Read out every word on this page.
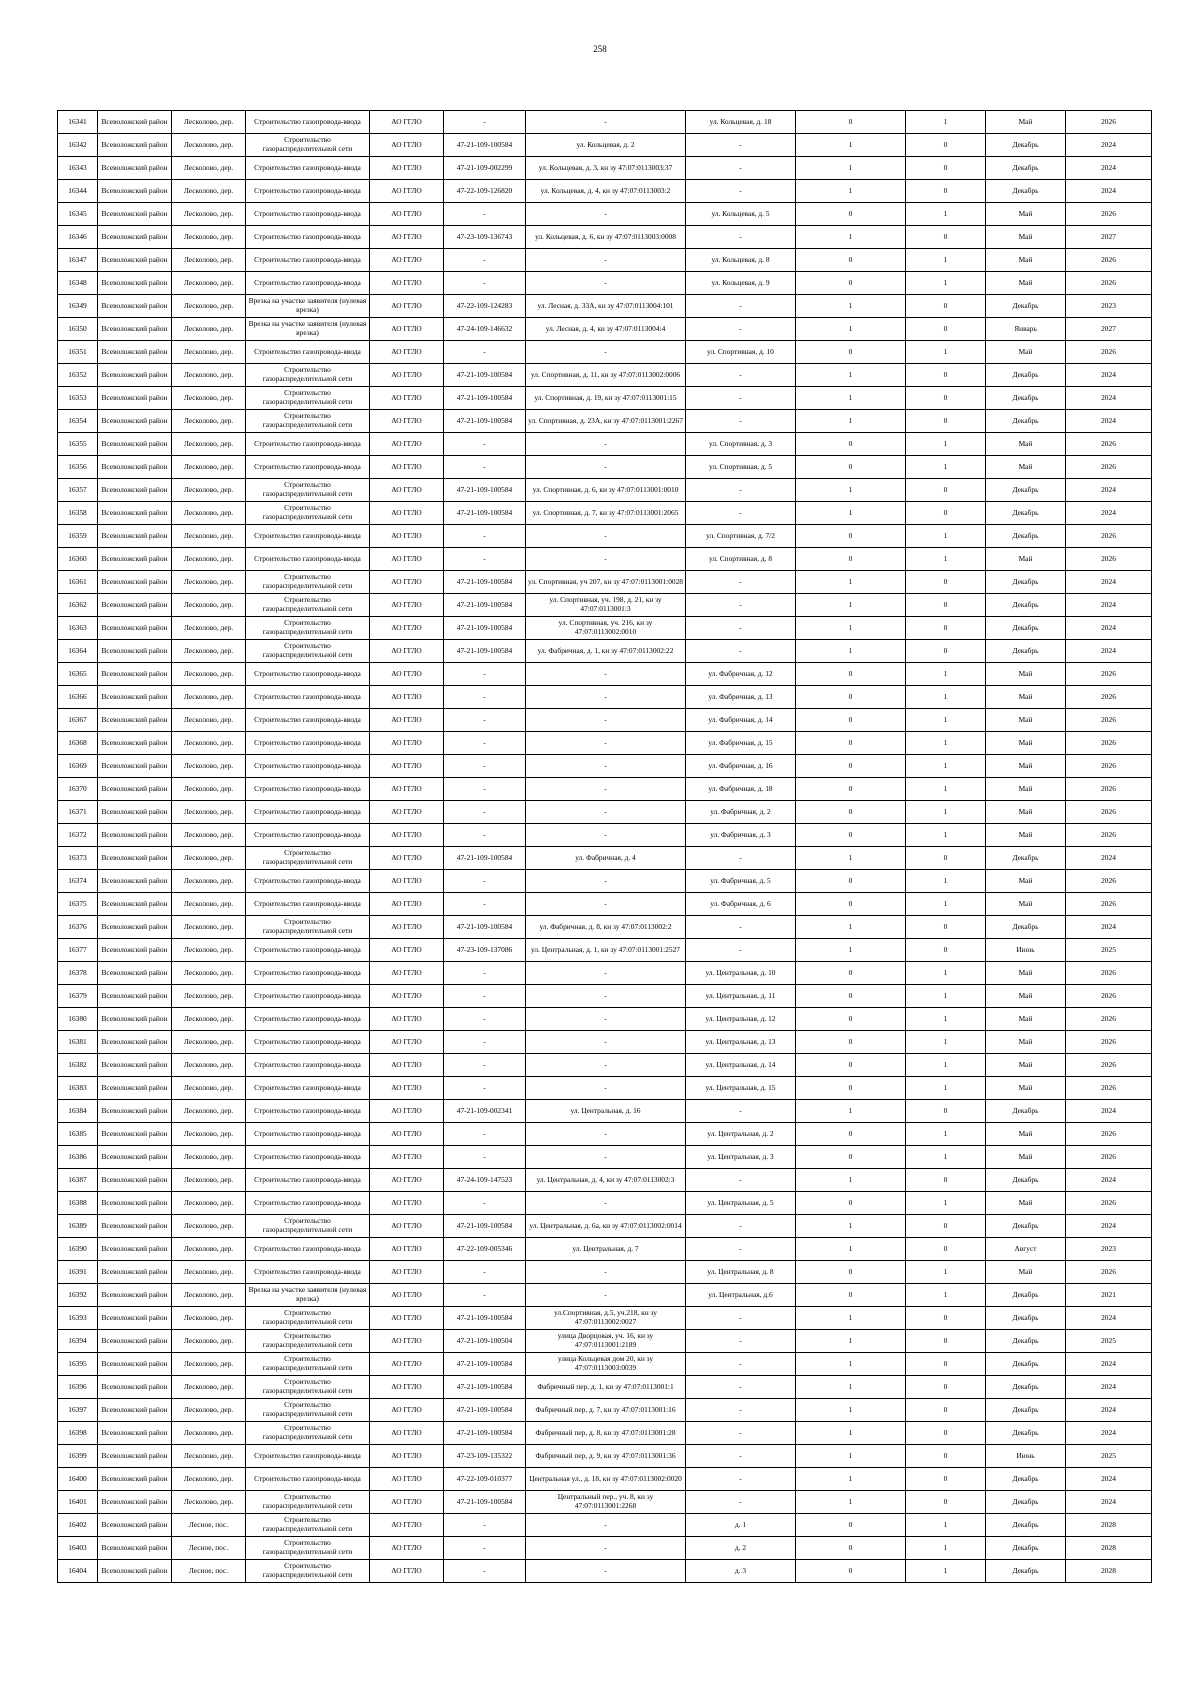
258
16341	Всеволожский район	Лесколово, дер.	Строительство газопровода-ввода	АО ГГЛО	-	-	ул. Кольцевая, д. 18	0	1	Май	2026
16342	Всеволожский район	Лесколово, дер.	Строительство газораспределительной сети	АО ГГЛО	47-21-109-100584	ул. Кольцевая, д. 2	-	1	0	Декабрь	2024
16343	Всеволожский район	Лесколово, дер.	Строительство газопровода-ввода	АО ГГЛО	47-21-109-002299	ул. Кольцевая, д. 3, кн зу 47:07:0113003:37	-	1	0	Декабрь	2024
16344	Всеволожский район	Лесколово, дер.	Строительство газопровода-ввода	АО ГГЛО	47-22-109-126820	ул. Кольцевая, д. 4, кн зу 47:07:0113003:2	-	1	0	Декабрь	2024
16345	Всеволожский район	Лесколово, дер.	Строительство газопровода-ввода	АО ГГЛО	-	-	ул. Кольцевая, д. 5	0	1	Май	2026
16346	Всеволожский район	Лесколово, дер.	Строительство газопровода-ввода	АО ГГЛО	47-23-109-136743	ул. Кольцевая, д. 6, кн зу 47:07:0113003:0008	-	1	0	Май	2027
16347	Всеволожский район	Лесколово, дер.	Строительство газопровода-ввода	АО ГГЛО	-	-	ул. Кольцевая, д. 8	0	1	Май	2026
16348	Всеволожский район	Лесколово, дер.	Строительство газопровода-ввода	АО ГГЛО	-	-	ул. Кольцевая, д. 9	0	1	Май	2026
16349	Всеволожский район	Лесколово, дер.	Врезка на участке заявителя (нулевая врезка)	АО ГГЛО	47-22-109-124283	ул. Лесная, д. 33А, кн зу 47:07:0113004:101	-	1	0	Декабрь	2023
16350	Всеволожский район	Лесколово, дер.	Врезка на участке заявителя (нулевая врезка)	АО ГГЛО	47-24-109-146632	ул. Лесная, д. 4, кн зу 47:07:0113004:4	-	1	0	Январь	2027
16351	Всеволожский район	Лесколово, дер.	Строительство газопровода-ввода	АО ГГЛО	-	-	ул. Спортивная, д. 10	0	1	Май	2026
16352	Всеволожский район	Лесколово, дер.	Строительство газораспределительной сети	АО ГГЛО	47-21-109-100584	ул. Спортивная, д. 11, кн зу 47:07:0113002:0006	-	1	0	Декабрь	2024
16353	Всеволожский район	Лесколово, дер.	Строительство газораспределительной сети	АО ГГЛО	47-21-109-100584	ул. Спортивная, д. 19, кн зу 47:07:0113001:15	-	1	0	Декабрь	2024
16354	Всеволожский район	Лесколово, дер.	Строительство газораспределительной сети	АО ГГЛО	47-21-109-100584	ул. Спортивная, д. 23А, кн зу 47:07:0113001:2267	-	1	0	Декабрь	2024
16355	Всеволожский район	Лесколово, дер.	Строительство газопровода-ввода	АО ГГЛО	-	-	ул. Спортивная, д. 3	0	1	Май	2026
16356	Всеволожский район	Лесколово, дер.	Строительство газопровода-ввода	АО ГГЛО	-	-	ул. Спортивная, д. 5	0	1	Май	2026
16357	Всеволожский район	Лесколово, дер.	Строительство газораспределительной сети	АО ГГЛО	47-21-109-100584	ул. Спортивная, д. 6, кн зу 47:07:0113001:0010	-	1	0	Декабрь	2024
16358	Всеволожский район	Лесколово, дер.	Строительство газораспределительной сети	АО ГГЛО	47-21-109-100584	ул. Спортивная, д. 7, кн зу 47:07:0113001:2065	-	1	0	Декабрь	2024
16359	Всеволожский район	Лесколово, дер.	Строительство газопровода-ввода	АО ГГЛО	-	-	ул. Спортивная, д. 7/2	0	1	Декабрь	2026
16360	Всеволожский район	Лесколово, дер.	Строительство газопровода-ввода	АО ГГЛО	-	-	ул. Спортивная, д. 8	0	1	Май	2026
16361	Всеволожский район	Лесколово, дер.	Строительство газораспределительной сети	АО ГГЛО	47-21-109-100584	ул. Спортивная, уч 207, кн зу 47:07:0113001:0028	-	1	0	Декабрь	2024
16362	Всеволожский район	Лесколово, дер.	Строительство газораспределительной сети	АО ГГЛО	47-21-109-100584	ул. Спортивная, уч. 198, д. 21, кн зу 47:07:0113001:3	-	1	0	Декабрь	2024
16363	Всеволожский район	Лесколово, дер.	Строительство газораспределительной сети	АО ГГЛО	47-21-109-100584	ул. Спортивная, уч. 216, кн зу 47:07:0113002:0010	-	1	0	Декабрь	2024
16364	Всеволожский район	Лесколово, дер.	Строительство газораспределительной сети	АО ГГЛО	47-21-109-100584	ул. Фабричная, д. 1, кн зу 47:07:0113002:22	-	1	0	Декабрь	2024
16365	Всеволожский район	Лесколово, дер.	Строительство газопровода-ввода	АО ГГЛО	-	-	ул. Фабричная, д. 12	0	1	Май	2026
16366	Всеволожский район	Лесколово, дер.	Строительство газопровода-ввода	АО ГГЛО	-	-	ул. Фабричная, д. 13	0	1	Май	2026
16367	Всеволожский район	Лесколово, дер.	Строительство газопровода-ввода	АО ГГЛО	-	-	ул. Фабричная, д. 14	0	1	Май	2026
16368	Всеволожский район	Лесколово, дер.	Строительство газопровода-ввода	АО ГГЛО	-	-	ул. Фабричная, д. 15	0	1	Май	2026
16369	Всеволожский район	Лесколово, дер.	Строительство газопровода-ввода	АО ГГЛО	-	-	ул. Фабричная, д. 16	0	1	Май	2026
16370	Всеволожский район	Лесколово, дер.	Строительство газопровода-ввода	АО ГГЛО	-	-	ул. Фабричная, д. 18	0	1	Май	2026
16371	Всеволожский район	Лесколово, дер.	Строительство газопровода-ввода	АО ГГЛО	-	-	ул. Фабричная, д. 2	0	1	Май	2026
16372	Всеволожский район	Лесколово, дер.	Строительство газопровода-ввода	АО ГГЛО	-	-	ул. Фабричная, д. 3	0	1	Май	2026
16373	Всеволожский район	Лесколово, дер.	Строительство газораспределительной сети	АО ГГЛО	47-21-109-100584	ул. Фабричная, д. 4	-	1	0	Декабрь	2024
16374	Всеволожский район	Лесколово, дер.	Строительство газопровода-ввода	АО ГГЛО	-	-	ул. Фабричная, д. 5	0	1	Май	2026
16375	Всеволожский район	Лесколово, дер.	Строительство газопровода-ввода	АО ГГЛО	-	-	ул. Фабричная, д. 6	0	1	Май	2026
16376	Всеволожский район	Лесколово, дер.	Строительство газораспределительной сети	АО ГГЛО	47-21-109-100584	ул. Фабричная, д. 8, кн зу 47:07:0113002:2	-	1	0	Декабрь	2024
16377	Всеволожский район	Лесколово, дер.	Строительство газопровода-ввода	АО ГГЛО	47-23-109-137086	ул. Центральная, д. 1, кн зу 47:07:0113001:2527	-	1	0	Июнь	2025
16378	Всеволожский район	Лесколово, дер.	Строительство газопровода-ввода	АО ГГЛО	-	-	ул. Центральная, д. 10	0	1	Май	2026
16379	Всеволожский район	Лесколово, дер.	Строительство газопровода-ввода	АО ГГЛО	-	-	ул. Центральная, д. 11	0	1	Май	2026
16380	Всеволожский район	Лесколово, дер.	Строительство газопровода-ввода	АО ГГЛО	-	-	ул. Центральная, д. 12	0	1	Май	2026
16381	Всеволожский район	Лесколово, дер.	Строительство газопровода-ввода	АО ГГЛО	-	-	ул. Центральная, д. 13	0	1	Май	2026
16382	Всеволожский район	Лесколово, дер.	Строительство газопровода-ввода	АО ГГЛО	-	-	ул. Центральная, д. 14	0	1	Май	2026
16383	Всеволожский район	Лесколово, дер.	Строительство газопровода-ввода	АО ГГЛО	-	-	ул. Центральная, д. 15	0	1	Май	2026
16384	Всеволожский район	Лесколово, дер.	Строительство газопровода-ввода	АО ГГЛО	47-21-109-002341	ул. Центральная, д. 16	-	1	0	Декабрь	2024
16385	Всеволожский район	Лесколово, дер.	Строительство газопровода-ввода	АО ГГЛО	-	-	ул. Центральная, д. 2	0	1	Май	2026
16386	Всеволожский район	Лесколово, дер.	Строительство газопровода-ввода	АО ГГЛО	-	-	ул. Центральная, д. 3	0	1	Май	2026
16387	Всеволожский район	Лесколово, дер.	Строительство газопровода-ввода	АО ГГЛО	47-24-109-147523	ул. Центральная, д. 4, кн зу 47:07:0113002:3	-	1	0	Декабрь	2024
16388	Всеволожский район	Лесколово, дер.	Строительство газопровода-ввода	АО ГГЛО	-	-	ул. Центральная, д. 5	0	1	Май	2026
16389	Всеволожский район	Лесколово, дер.	Строительство газораспределительной сети	АО ГГЛО	47-21-109-100584	ул. Центральная, д. 6а, кн зу 47:07:0113002:0014	-	1	0	Декабрь	2024
16390	Всеволожский район	Лесколово, дер.	Строительство газопровода-ввода	АО ГГЛО	47-22-109-005346	ул. Центральная, д. 7	-	1	0	Август	2023
16391	Всеволожский район	Лесколово, дер.	Строительство газопровода-ввода	АО ГГЛО	-	-	ул. Центральная, д. 8	0	1	Май	2026
16392	Всеволожский район	Лесколово, дер.	Врезка на участке заявителя (нулевая врезка)	АО ГГЛО	-	-	ул. Центральная, д.6	0	1	Декабрь	2021
16393	Всеволожский район	Лесколово, дер.	Строительство газораспределительной сети	АО ГГЛО	47-21-109-100584	ул.Спортивная, д.5, уч.218, кн зу 47:07:0113002:0027	-	1	0	Декабрь	2024
16394	Всеволожский район	Лесколово, дер.	Строительство газораспределительной сети	АО ГГЛО	47-21-109-100504	улица Дворцовая, уч. 16, кн зу 47:07:0113001:2189	-	1	0	Декабрь	2025
16395	Всеволожский район	Лесколово, дер.	Строительство газораспределительной сети	АО ГГЛО	47-21-109-100584	улица Кольцевая дом 20, кн зу 47:07:0113003:0039	-	1	0	Декабрь	2024
16396	Всеволожский район	Лесколово, дер.	Строительство газораспределительной сети	АО ГГЛО	47-21-109-100584	Фабричный пер, д. 1, кн зу 47:07:0113001:1	-	1	0	Декабрь	2024
16397	Всеволожский район	Лесколово, дер.	Строительство газораспределительной сети	АО ГГЛО	47-21-109-100584	Фабричный пер, д. 7, кн зу 47:07:0113001:16	-	1	0	Декабрь	2024
16398	Всеволожский район	Лесколово, дер.	Строительство газораспределительной сети	АО ГГЛО	47-21-109-100584	Фабричный пер, д. 8, кн зу 47:07:0113001:28	-	1	0	Декабрь	2024
16399	Всеволожский район	Лесколово, дер.	Строительство газопровода-ввода	АО ГГЛО	47-23-109-135322	Фабричный пер, д. 9, кн зу 47:07:0113001:36	-	1	0	Июнь	2025
16400	Всеволожский район	Лесколово, дер.	Строительство газопровода-ввода	АО ГГЛО	47-22-109-010377	Центральная ул., д. 18, кн зу 47:07:0113002:0020	-	1	0	Декабрь	2024
16401	Всеволожский район	Лесколово, дер.	Строительство газораспределительной сети	АО ГГЛО	47-21-109-100584	Центральный пер., уч. 8, кн зу 47:07:0113001:2268	-	1	0	Декабрь	2024
16402	Всеволожский район	Лесное, пос.	Строительство газораспределительной сети	АО ГГЛО	-	-	д. 1	0	1	Декабрь	2028
16403	Всеволожский район	Лесное, пос.	Строительство газораспределительной сети	АО ГГЛО	-	-	д. 2	0	1	Декабрь	2028
16404	Всеволожский район	Лесное, пос.	Строительство газораспределительной сети	АО ГГЛО	-	-	д. 3	0	1	Декабрь	2028
